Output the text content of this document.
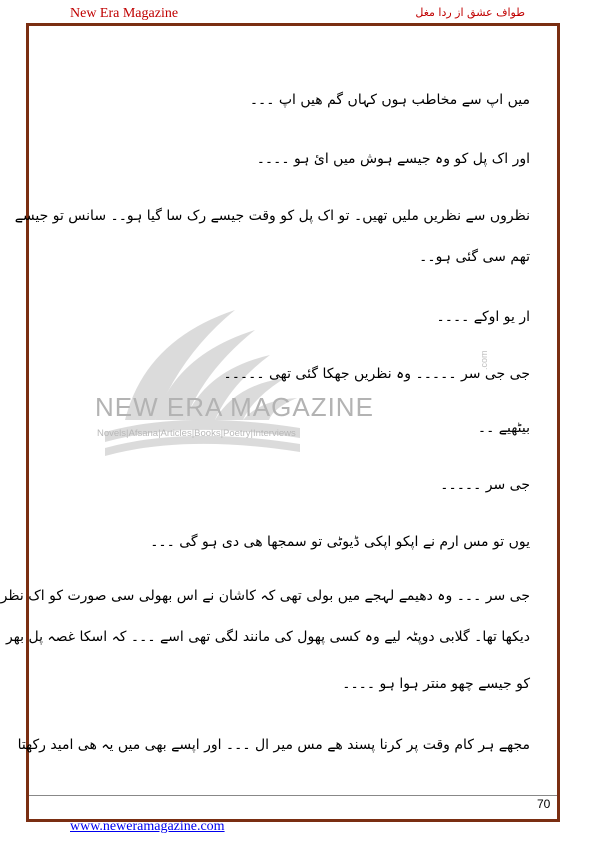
New Era Magazine	طواف عشق از ردا مغل
NEW ERA MAGAZINE
Novels|Afsana|Articles|Books|Poetry|Interviews
.com
میں اپ سے مخاطب ہوں کہاں گم ھیں اپ ۔۔۔
اور اک پل کو وہ جیسے ہوش میں ائ ہو ۔۔۔۔
نظروں سے نظریں ملیں تھیں۔ تو اک پل کو وقت جیسے رک سا گیا ہو۔۔ سانس تو جیسے
تھم سی گئی ہو۔۔
ار یو اوکے ۔۔۔۔
جی جی سر ۔۔۔۔۔ وہ نظریں جھکا گئی تھی ۔۔۔۔۔
بیٹھیے ۔۔
جی سر ۔۔۔۔۔
یوں تو مس ارم نے اپکو اپکی ڈیوٹی تو سمجھا ھی دی ہو گی ۔۔۔
جی سر ۔۔۔ وہ دھیمے لہجے میں بولی تھی کہ کاشان نے اس بھولی سی صورت کو اک نظر
دیکھا تھا۔ گلابی دوپٹہ لیے وہ کسی پھول کی مانند لگی تھی اسے ۔۔۔ کہ اسکا غصہ پل بھر
کو جیسے چھو منتر ہوا ہو ۔۔۔۔
مجھے ہر کام وقت پر کرنا پسند ھے مس میر ال ۔۔۔ اور اپسے بھی میں یہ ھی امید رکھتا
70
www.neweramagazine.com
